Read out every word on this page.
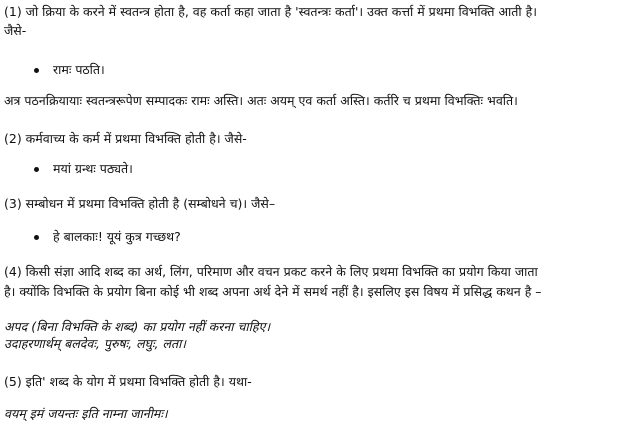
(1) जो क्रिया के करने में स्वतन्त्र होता है, वह कर्ता कहा जाता है 'स्वतन्त्रः कर्ता'। उक्त कर्त्ता में प्रथमा विभक्ति आती है।
जैसे-
रामः पठति।
अत्र पठनक्रियायाः स्वतन्त्ररूपेण सम्पादकः रामः अस्ति। अतः अयम् एव कर्ता अस्ति। कर्तरि च प्रथमा विभक्तिः भवति।
(2) कर्मवाच्य के कर्म में प्रथमा विभक्ति होती है। जैसे-
मयां ग्रन्थः पठ्यते।
(3) सम्बोधन में प्रथमा विभक्ति होती है (सम्बोधने च)। जैसे–
हे बालकाः! यूयं कुत्र गच्छथ?
(4) किसी संज्ञा आदि शब्द का अर्थ, लिंग, परिमाण और वचन प्रकट करने के लिए प्रथमा विभक्ति का प्रयोग किया जाता
है। क्योंकि विभक्ति के प्रयोग बिना कोई भी शब्द अपना अर्थ देने में समर्थ नहीं है। इसलिए इस विषय में प्रसिद्ध कथन है –
अपद (बिना विभक्ति के शब्द) का प्रयोग नहीं करना चाहिए।
उदाहरणार्थम् बलदेवः, पुरुषः, लघुः, लता।
(5) इति' शब्द के योग में प्रथमा विभक्ति होती है। यथा-
वयम् इमं जयन्तः इति नाम्ना जानीमः।
